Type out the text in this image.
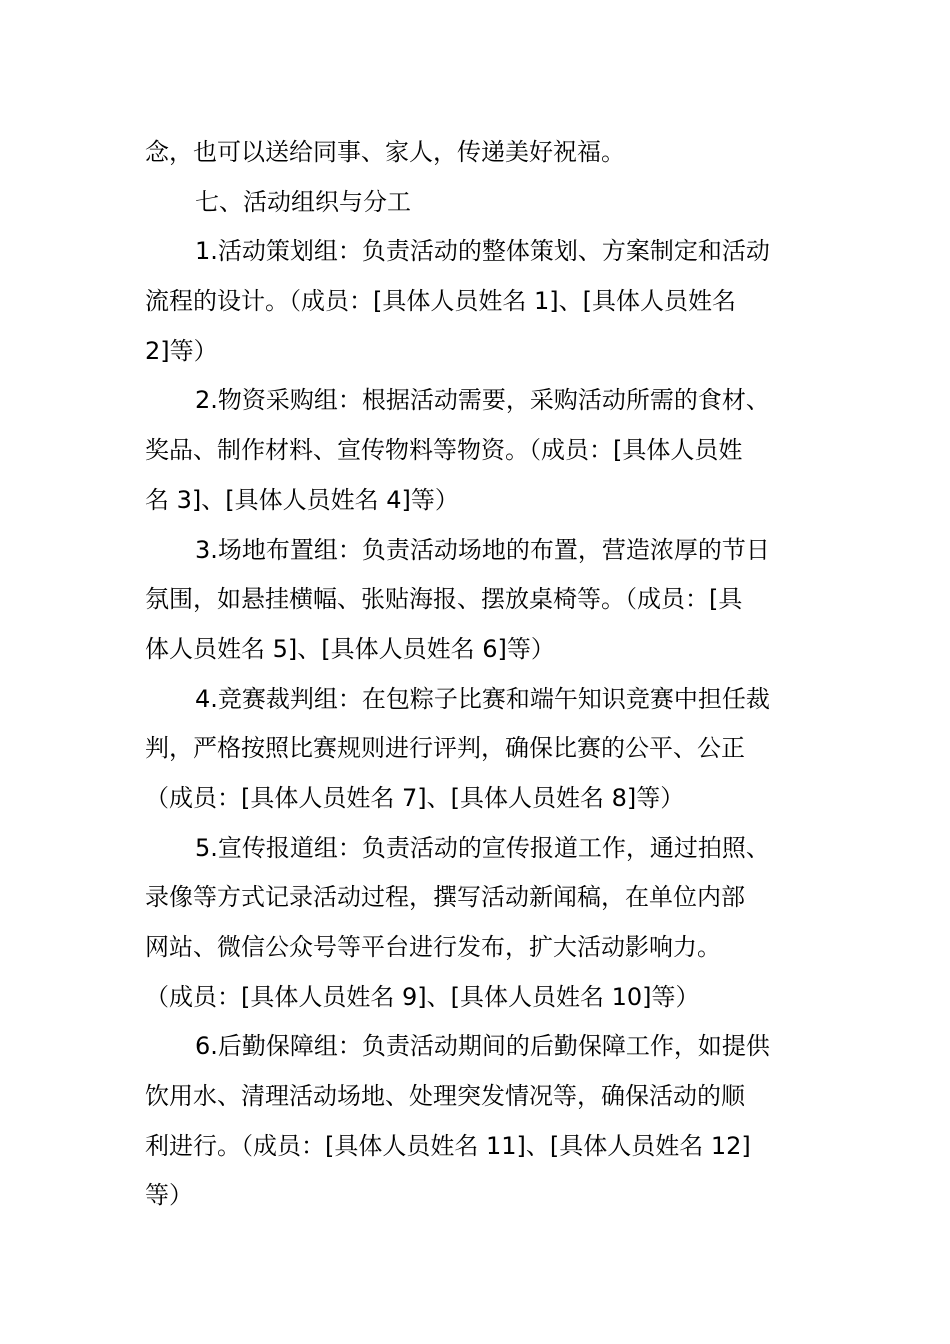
念，也可以送给同事、家人，传递美好祝福。
七、活动组织与分工
1.活动策划组：负责活动的整体策划、方案制定和活动
流程的设计。（成员：[具体人员姓名 1]、[具体人员姓名
2]等）
2.物资采购组：根据活动需要，采购活动所需的食材、
奖品、制作材料、宣传物料等物资。（成员：[具体人员姓
名 3]、[具体人员姓名 4]等）
3.场地布置组：负责活动场地的布置，营造浓厚的节日
氛围，如悬挂横幅、张贴海报、摆放桌椅等。（成员：[具
体人员姓名 5]、[具体人员姓名 6]等）
4.竞赛裁判组：在包粽子比赛和端午知识竞赛中担任裁
判，严格按照比赛规则进行评判，确保比赛的公平、公正
（成员：[具体人员姓名 7]、[具体人员姓名 8]等）
5.宣传报道组：负责活动的宣传报道工作，通过拍照、
录像等方式记录活动过程，撰写活动新闻稿，在单位内部
网站、微信公众号等平台进行发布，扩大活动影响力。
（成员：[具体人员姓名 9]、[具体人员姓名 10]等）
6.后勤保障组：负责活动期间的后勤保障工作，如提供
饮用水、清理活动场地、处理突发情况等，确保活动的顺
利进行。（成员：[具体人员姓名 11]、[具体人员姓名 12]
等）
